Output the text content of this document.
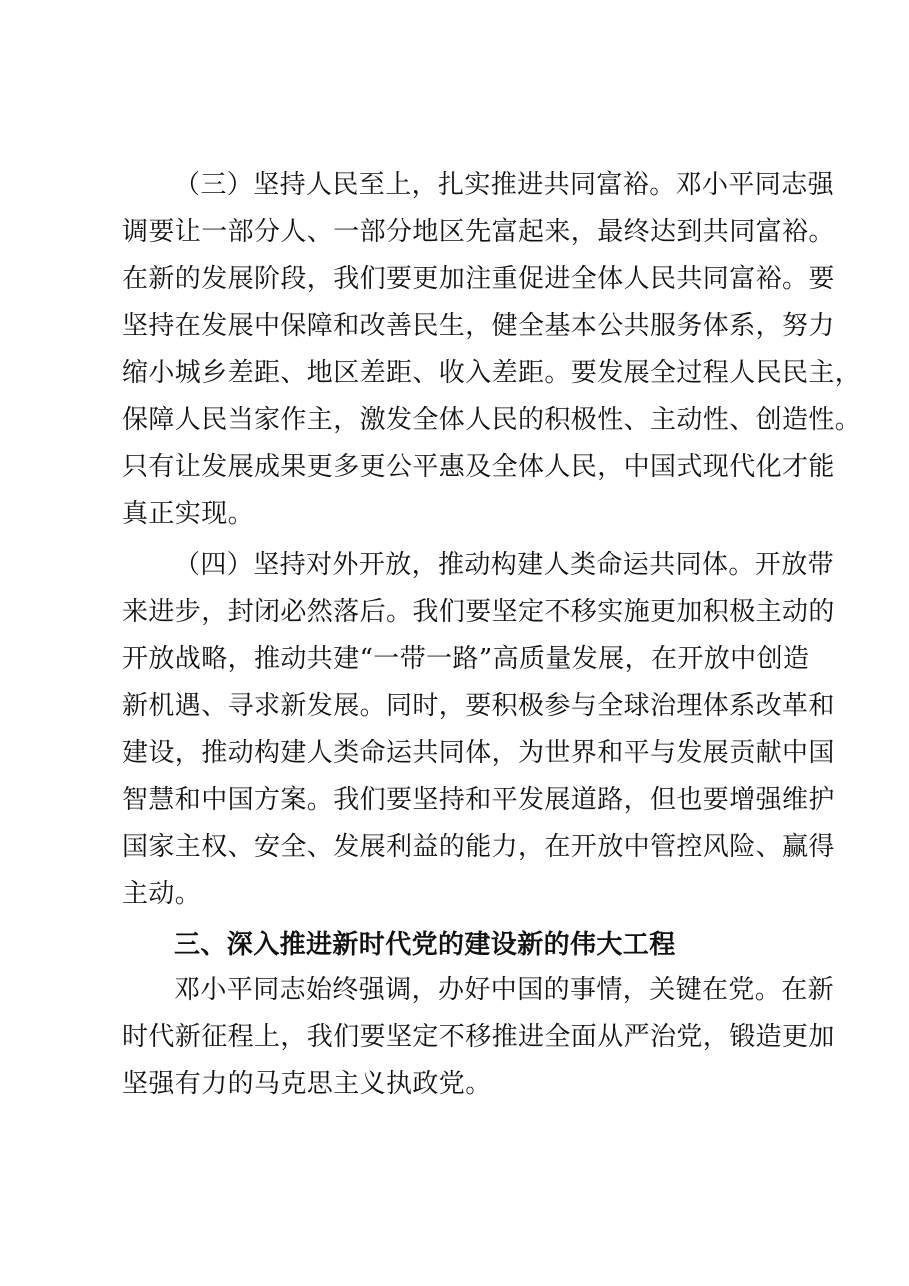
（三）坚持人民至上，扎实推进共同富裕。邓小平同志强
调要让一部分人、一部分地区先富起来，最终达到共同富裕。
在新的发展阶段，我们要更加注重促进全体人民共同富裕。要
坚持在发展中保障和改善民生，健全基本公共服务体系，努力
缩小城乡差距、地区差距、收入差距。要发展全过程人民民主，
保障人民当家作主，激发全体人民的积极性、主动性、创造性。
只有让发展成果更多更公平惠及全体人民，中国式现代化才能
真正实现。
（四）坚持对外开放，推动构建人类命运共同体。开放带
来进步，封闭必然落后。我们要坚定不移实施更加积极主动的
开放战略，推动共建“一带一路”高质量发展，在开放中创造
新机遇、寻求新发展。同时，要积极参与全球治理体系改革和
建设，推动构建人类命运共同体，为世界和平与发展贡献中国
智慧和中国方案。我们要坚持和平发展道路，但也要增强维护
国家主权、安全、发展利益的能力，在开放中管控风险、赢得
主动。
三、深入推进新时代党的建设新的伟大工程
邓小平同志始终强调，办好中国的事情，关键在党。在新
时代新征程上，我们要坚定不移推进全面从严治党，锻造更加
坚强有力的马克思主义执政党。
